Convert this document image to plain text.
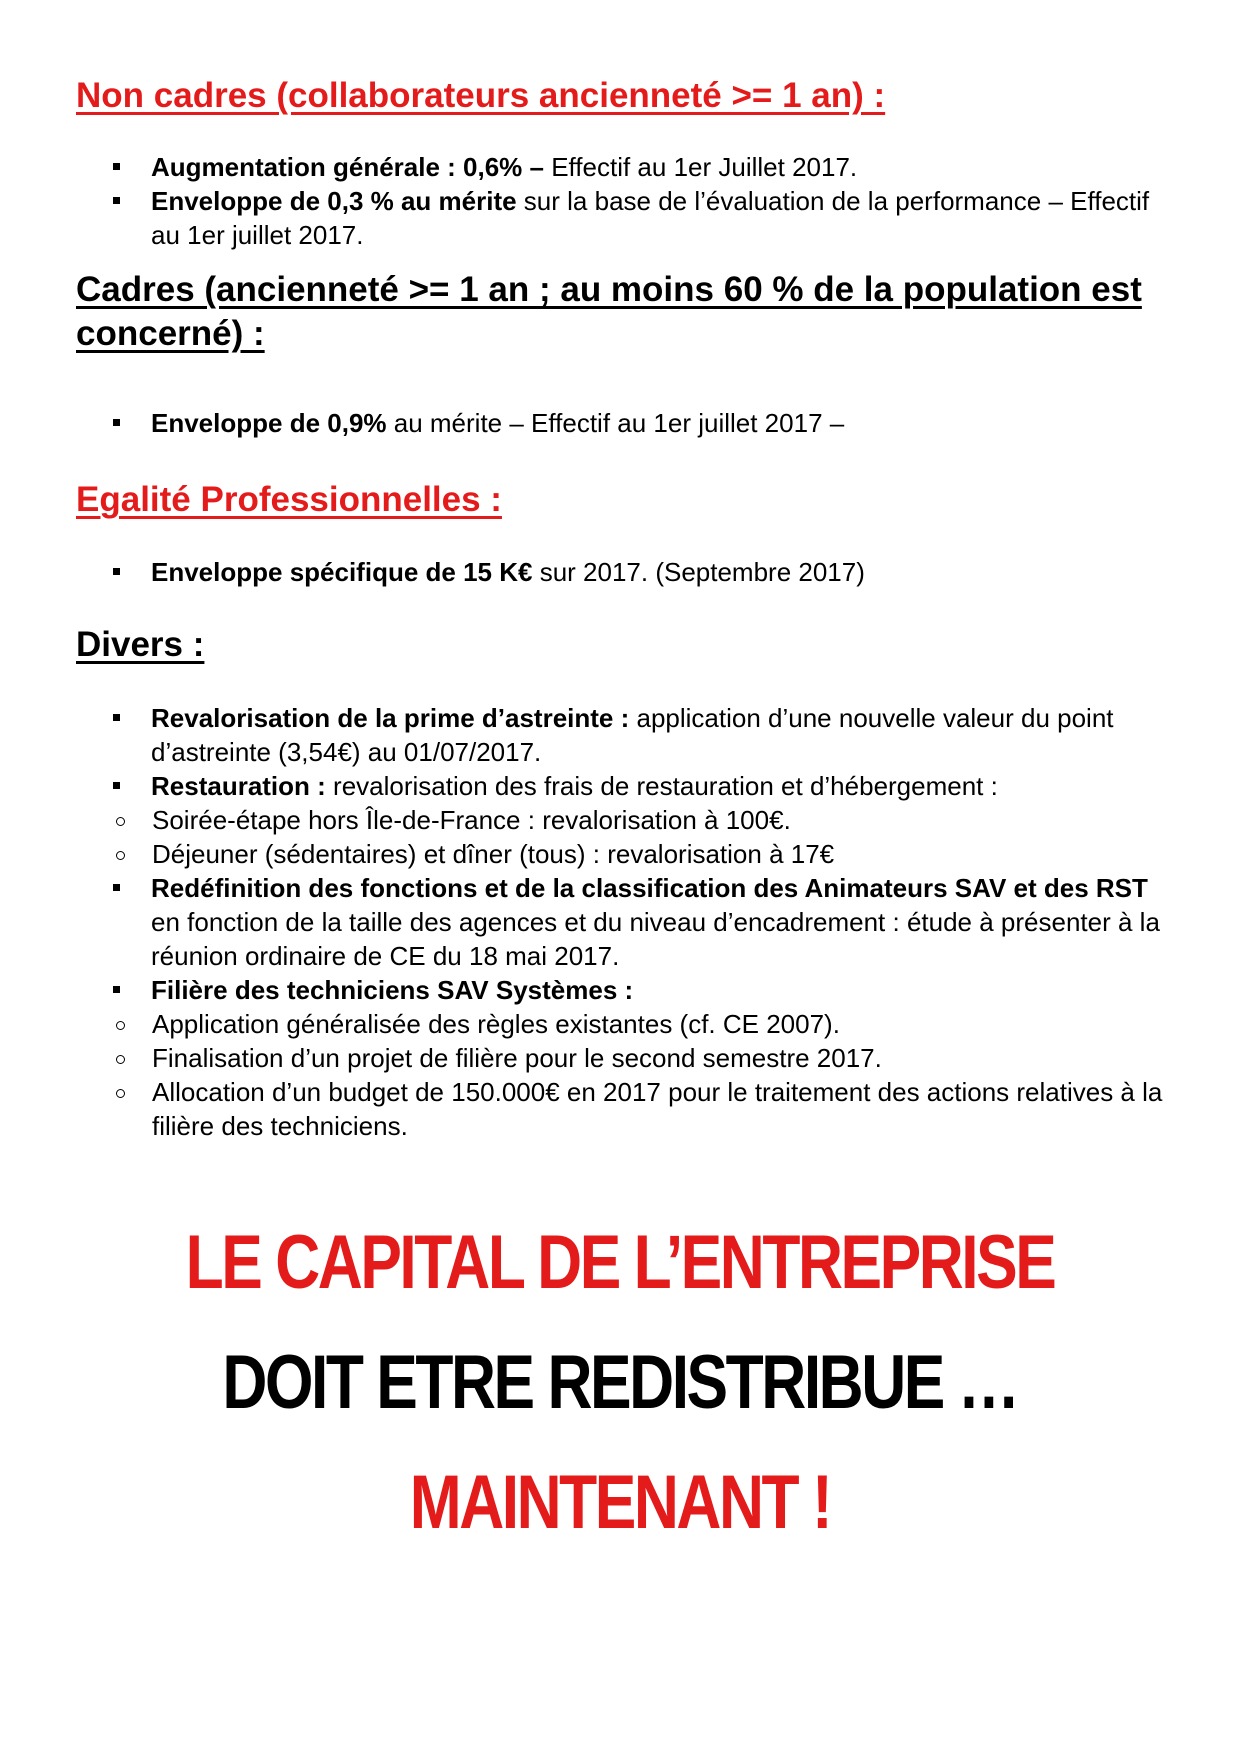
Non cadres (collaborateurs ancienneté >= 1 an) :
Augmentation générale : 0,6% – Effectif au 1er Juillet 2017.
Enveloppe de 0,3 % au mérite sur la base de l’évaluation de la performance – Effectif au 1er juillet 2017.
Cadres (ancienneté >= 1 an ; au moins 60 % de la population est concerné) :
Enveloppe de 0,9% au mérite – Effectif au 1er juillet 2017 –
Egalité Professionnelles :
Enveloppe spécifique de 15 K€ sur 2017. (Septembre 2017)
Divers :
Revalorisation de la prime d’astreinte : application d’une nouvelle valeur du point d’astreinte (3,54€) au 01/07/2017.
Restauration : revalorisation des frais de restauration et d’hébergement :
Soirée-étape hors Île-de-France : revalorisation à 100€.
Déjeuner (sédentaires) et dîner (tous) : revalorisation à 17€
Redéfinition des fonctions et de la classification des Animateurs SAV et des RST en fonction de la taille des agences et du niveau d’encadrement : étude à présenter à la réunion ordinaire de CE du 18 mai 2017.
Filière des techniciens SAV Systèmes :
Application généralisée des règles existantes (cf. CE 2007).
Finalisation d’un projet de filière pour le second semestre 2017.
Allocation d’un budget de 150.000€ en 2017 pour le traitement des actions relatives à la filière des techniciens.

LE CAPITAL DE L’ENTREPRISE

DOIT ETRE REDISTRIBUE …

MAINTENANT !
